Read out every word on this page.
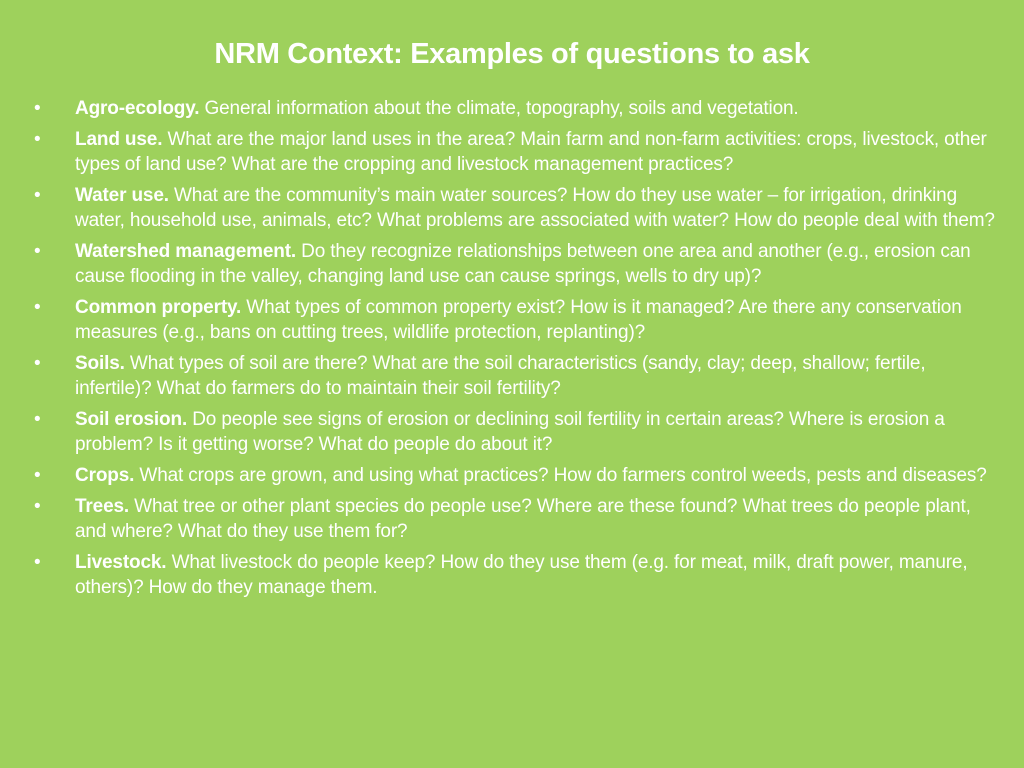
NRM Context: Examples of questions to ask
• Agro-ecology. General information about the climate, topography, soils and vegetation.
• Land use. What are the major land uses in the area? Main farm and non-farm activities: crops, livestock, other types of land use? What are the cropping and livestock management practices?
• Water use. What are the community’s main water sources? How do they use water – for irrigation, drinking water, household use, animals, etc? What problems are associated with water? How do people deal with them?
• Watershed management. Do they recognize relationships between one area and another (e.g., erosion can cause flooding in the valley, changing land use can cause springs, wells to dry up)?
• Common property. What types of common property exist? How is it managed? Are there any conservation measures (e.g., bans on cutting trees, wildlife protection, replanting)?
• Soils. What types of soil are there? What are the soil characteristics (sandy, clay; deep, shallow; fertile, infertile)? What do farmers do to maintain their soil fertility?
• Soil erosion. Do people see signs of erosion or declining soil fertility in certain areas? Where is erosion a problem? Is it getting worse? What do people do about it?
• Crops. What crops are grown, and using what practices? How do farmers control weeds, pests and diseases?
• Trees. What tree or other plant species do people use? Where are these found? What trees do people plant, and where? What do they use them for?
• Livestock. What livestock do people keep? How do they use them (e.g. for meat, milk, draft power, manure, others)? How do they manage them.
